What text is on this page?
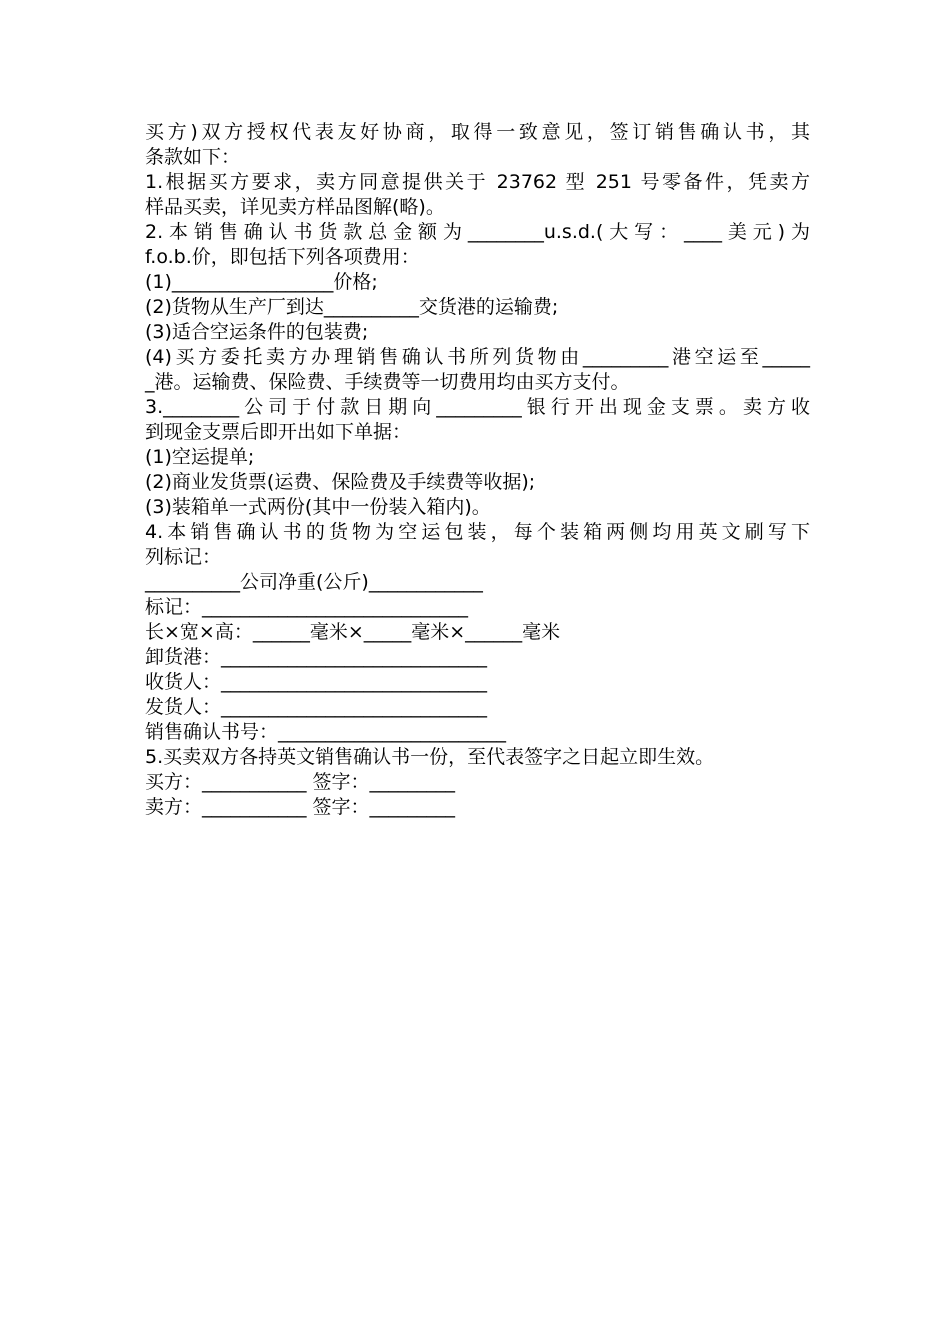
买方)双方授权代表友好协商，取得一致意见，签订销售确认书，其

条款如下：

1.根据买方要求，卖方同意提供关于 23762 型 251 号零备件，凭卖方

样品买卖，详见卖方样品图解(略)。

2.本销售确认书货款总金额为________u.s.d.(大写：____美元)为

f.o.b.价，即包括下列各项费用：

(1)_________________价格;

(2)货物从生产厂到达__________交货港的运输费;

(3)适合空运条件的包装费;

(4)买方委托卖方办理销售确认书所列货物由_________港空运至_____

_港。运输费、保险费、手续费等一切费用均由买方支付。

3.________公司于付款日期向_________银行开出现金支票。卖方收

到现金支票后即开出如下单据：

(1)空运提单;

(2)商业发货票(运费、保险费及手续费等收据);

(3)装箱单一式两份(其中一份装入箱内)。

4.本销售确认书的货物为空运包装，每个装箱两侧均用英文刷写下

列标记：

__________公司净重(公斤)____________

标记：____________________________

长×宽×高：______毫米×_____毫米×______毫米

卸货港：____________________________

收货人：____________________________

发货人：____________________________

销售确认书号：________________________

5.买卖双方各持英文销售确认书一份，至代表签字之日起立即生效。

买方：___________ 签字：_________

卖方：___________ 签字：_________
